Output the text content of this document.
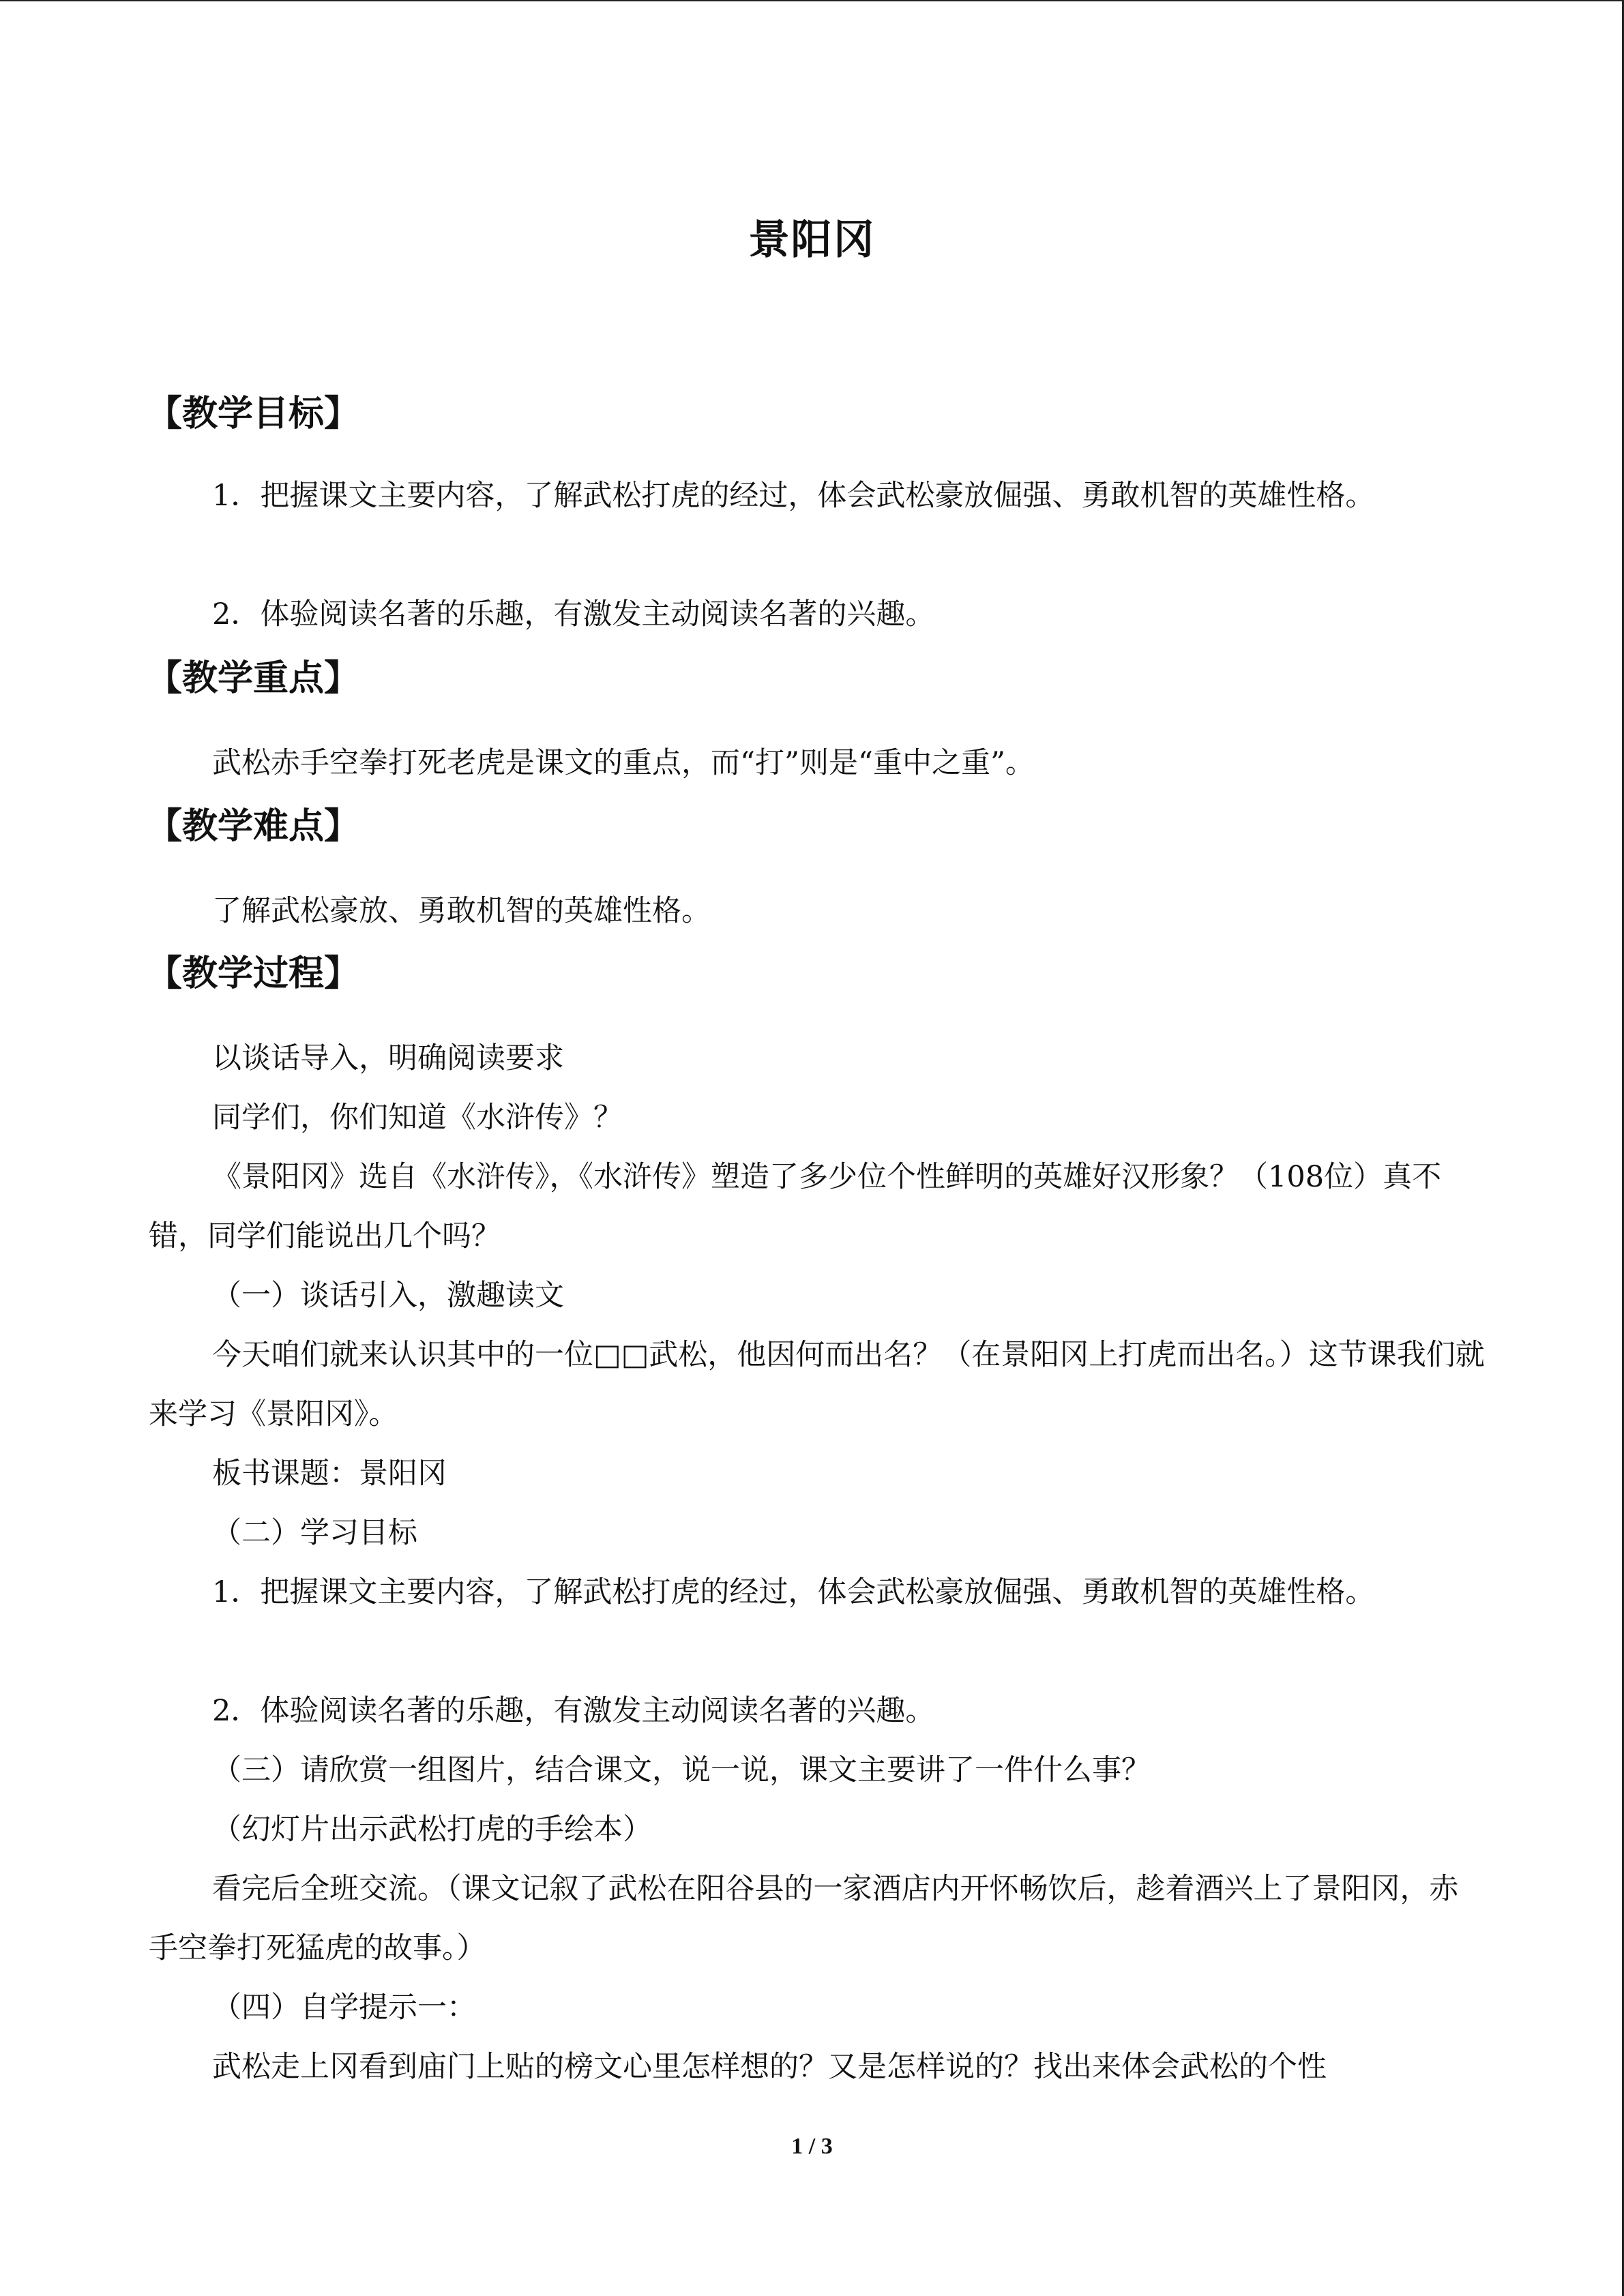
景阳冈
【教学目标】
1．把握课文主要内容，了解武松打虎的经过，体会武松豪放倔强、勇敢机智的英雄性格。
2．体验阅读名著的乐趣，有激发主动阅读名著的兴趣。
【教学重点】
武松赤手空拳打死老虎是课文的重点，而“打”则是“重中之重”。
【教学难点】
了解武松豪放、勇敢机智的英雄性格。
【教学过程】
以谈话导入，明确阅读要求
同学们，你们知道《水浒传》？
《景阳冈》选自《水浒传》，《水浒传》塑造了多少位个性鲜明的英雄好汉形象？（108位）真不错，同学们能说出几个吗？
（一）谈话引入，激趣读文
今天咱们就来认识其中的一位□□武松，他因何而出名？（在景阳冈上打虎而出名。）这节课我们就来学习《景阳冈》。
板书课题：景阳冈
（二）学习目标
1．把握课文主要内容，了解武松打虎的经过，体会武松豪放倔强、勇敢机智的英雄性格。
2．体验阅读名著的乐趣，有激发主动阅读名著的兴趣。
（三）请欣赏一组图片，结合课文，说一说，课文主要讲了一件什么事？
（幻灯片出示武松打虎的手绘本）
看完后全班交流。（课文记叙了武松在阳谷县的一家酒店内开怀畅饮后，趁着酒兴上了景阳冈，赤手空拳打死猛虎的故事。）
（四）自学提示一：
武松走上冈看到庙门上贴的榜文心里怎样想的？又是怎样说的？找出来体会武松的个性
1 / 3
